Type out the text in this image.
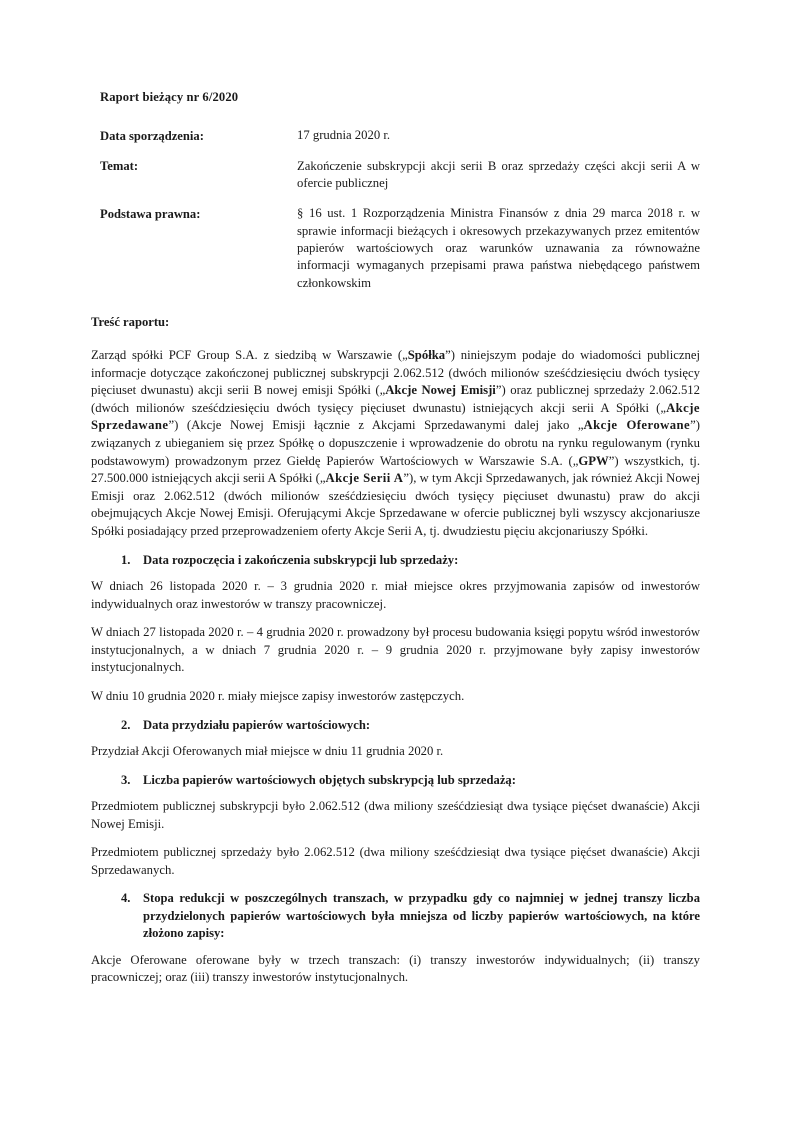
Raport bieżący nr 6/2020
Data sporządzenia:	17 grudnia 2020 r.
Temat:	Zakończenie subskrypcji akcji serii B oraz sprzedaży części akcji serii A w ofercie publicznej
Podstawa prawna:	§ 16 ust. 1 Rozporządzenia Ministra Finansów z dnia 29 marca 2018 r. w sprawie informacji bieżących i okresowych przekazywanych przez emitentów papierów wartościowych oraz warunków uznawania za równoważne informacji wymaganych przepisami prawa państwa niebędącego państwem członkowskim
Treść raportu:

Zarząd spółki PCF Group S.A. z siedzibą w Warszawie („Spółka”) niniejszym podaje do wiadomości publicznej informacje dotyczące zakończonej publicznej subskrypcji 2.062.512 (dwóch milionów sześćdziesięciu dwóch tysięcy pięciuset dwunastu) akcji serii B nowej emisji Spółki („Akcje Nowej Emisji”) oraz publicznej sprzedaży 2.062.512 (dwóch milionów sześćdziesięciu dwóch tysięcy pięciuset dwunastu) istniejących akcji serii A Spółki („Akcje Sprzedawane”) (Akcje Nowej Emisji łącznie z Akcjami Sprzedawanymi dalej jako „Akcje Oferowane”) związanych z ubieganiem się przez Spółkę o dopuszczenie i wprowadzenie do obrotu na rynku regulowanym (rynku podstawowym) prowadzonym przez Giełdę Papierów Wartościowych w Warszawie S.A. („GPW”) wszystkich, tj. 27.500.000 istniejących akcji serii A Spółki („Akcje Serii A”), w tym Akcji Sprzedawanych, jak również Akcji Nowej Emisji oraz 2.062.512 (dwóch milionów sześćdziesięciu dwóch tysięcy pięciuset dwunastu) praw do akcji obejmujących Akcje Nowej Emisji. Oferującymi Akcje Sprzedawane w ofercie publicznej byli wszyscy akcjonariusze Spółki posiadający przed przeprowadzeniem oferty Akcje Serii A, tj. dwudziestu pięciu akcjonariuszy Spółki.

1. Data rozpoczęcia i zakończenia subskrypcji lub sprzedaży:

W dniach 26 listopada 2020 r. – 3 grudnia 2020 r. miał miejsce okres przyjmowania zapisów od inwestorów indywidualnych oraz inwestorów w transzy pracowniczej.

W dniach 27 listopada 2020 r. – 4 grudnia 2020 r. prowadzony był procesu budowania księgi popytu wśród inwestorów instytucjonalnych, a w dniach 7 grudnia 2020 r. – 9 grudnia 2020 r. przyjmowane były zapisy inwestorów instytucjonalnych.

W dniu 10 grudnia 2020 r. miały miejsce zapisy inwestorów zastępczych.

2. Data przydziału papierów wartościowych:

Przydział Akcji Oferowanych miał miejsce w dniu 11 grudnia 2020 r.

3. Liczba papierów wartościowych objętych subskrypcją lub sprzedażą:

Przedmiotem publicznej subskrypcji było 2.062.512 (dwa miliony sześćdziesiąt dwa tysiące pięćset dwanaście) Akcji Nowej Emisji.

Przedmiotem publicznej sprzedaży było 2.062.512 (dwa miliony sześćdziesiąt dwa tysiące pięćset dwanaście) Akcji Sprzedawanych.

4. Stopa redukcji w poszczególnych transzach, w przypadku gdy co najmniej w jednej transzy liczba przydzielonych papierów wartościowych była mniejsza od liczby papierów wartościowych, na które złożono zapisy:

Akcje Oferowane oferowane były w trzech transzach: (i) transzy inwestorów indywidualnych; (ii) transzy pracowniczej; oraz (iii) transzy inwestorów instytucjonalnych.
